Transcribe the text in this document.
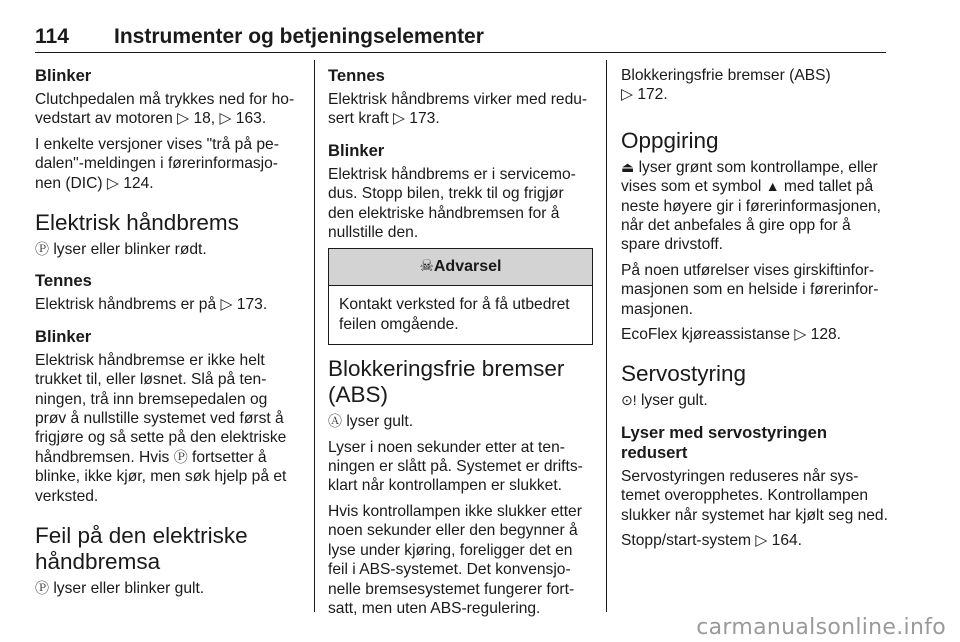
114 Instrumenter og betjeningselementer
Blinker

Clutchpedalen må trykkes ned for ho- vedstart av motoren ▷ 18, ▷ 163.

I enkelte versjoner vises "trå på pe- dalen"-meldingen i førerinformasjo- nen (DIC) ▷ 124.

Elektrisk håndbrems

Ⓟ lyser eller blinker rødt.

Tennes

Elektrisk håndbrems er på ▷ 173.

Blinker

Elektrisk håndbremse er ikke helt trukket til, eller løsnet. Slå på ten- ningen, trå inn bremsepedalen og prøv å nullstille systemet ved først å frigjøre og så sette på den elektriske håndbremsen. Hvis Ⓟ fortsetter å blinke, ikke kjør, men søk hjelp på et verksted.

Feil på den elektriske håndbremsa

Ⓟ lyser eller blinker gult.

Tennes

Elektrisk håndbrems virker med redu- sert kraft ▷ 173.

Blinker

Elektrisk håndbrems er i servicemo- dus. Stopp bilen, trekk til og frigjør den elektriske håndbremsen for å nullstille den.

☠Advarsel
Kontakt verksted for å få utbedret feilen omgående.
Blokkeringsfrie bremser (ABS)

Ⓐ lyser gult.

Lyser i noen sekunder etter at ten- ningen er slått på. Systemet er drifts- klart når kontrollampen er slukket.

Hvis kontrollampen ikke slukker etter noen sekunder eller den begynner å lyse under kjøring, foreligger det en feil i ABS-systemet. Det konvensjo- nelle bremsesystemet fungerer fort- satt, men uten ABS-regulering.

Blokkeringsfrie bremser (ABS)
▷ 172.

Oppgiring

⏏ lyser grønt som kontrollampe, eller vises som et symbol ▲ med tallet på neste høyere gir i førerinformasjonen, når det anbefales å gire opp for å spare drivstoff.

På noen utførelser vises girskiftinfor- masjonen som en helside i førerinfor- masjonen.

EcoFlex kjøreassistanse ▷ 128.

Servostyring

⊙! lyser gult.

Lyser med servostyringen redusert

Servostyringen reduseres når sys- temet overopphetes. Kontrollampen slukker når systemet har kjølt seg ned.

Stopp/start-system ▷ 164.

carmanualsonline.info
